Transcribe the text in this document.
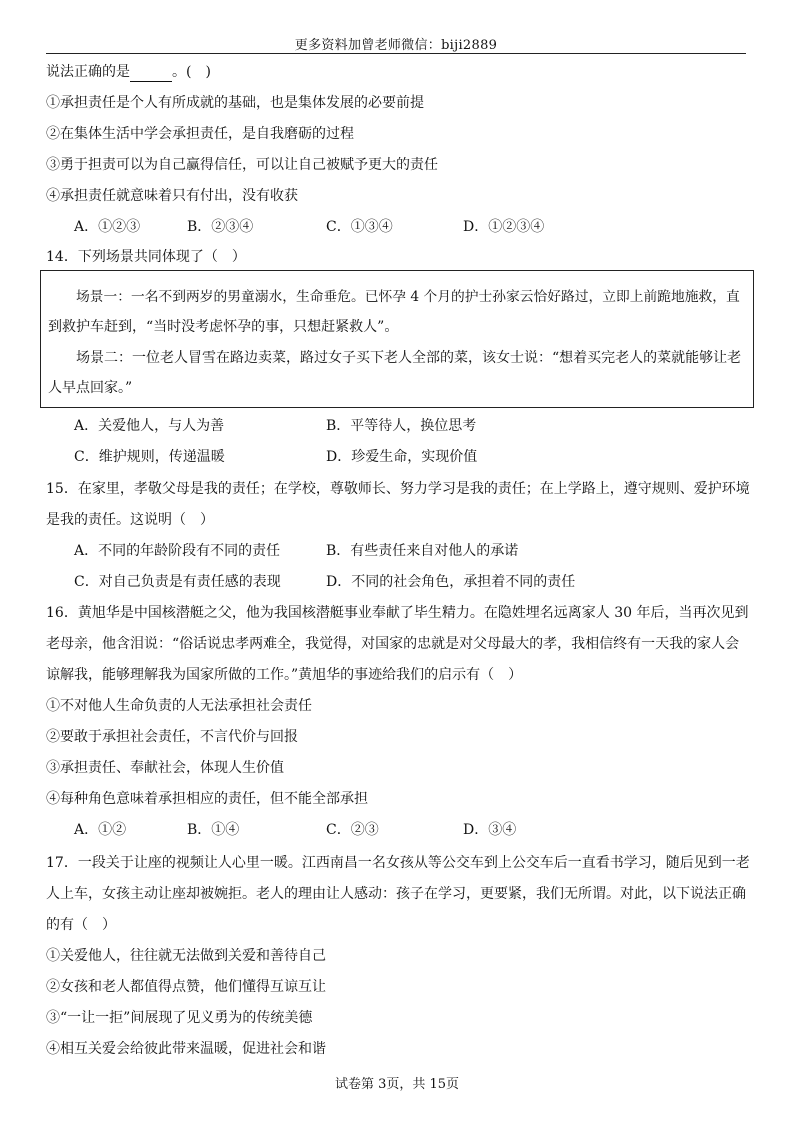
更多资料加曾老师微信：biji2889
说法正确的是	。(　)
①承担责任是个人有所成就的基础，也是集体发展的必要前提
②在集体生活中学会承担责任，是自我磨砺的过程
③勇于担责可以为自己赢得信任，可以让自己被赋予更大的责任
④承担责任就意味着只有付出，没有收获
A．①②③	B．②③④	C．①③④	D．①②③④
14．下列场景共同体现了（　）
场景一：一名不到两岁的男童溺水，生命垂危。已怀孕 4 个月的护士孙家云恰好路过，立即上前跪地施救，直
到救护车赶到，“当时没考虑怀孕的事，只想赶紧救人”。
场景二：一位老人冒雪在路边卖菜，路过女子买下老人全部的菜，该女士说：“想着买完老人的菜就能够让老
人早点回家。”
A．关爱他人，与人为善	B．平等待人，换位思考
C．维护规则，传递温暖	D．珍爱生命，实现价值
15．在家里，孝敬父母是我的责任；在学校，尊敬师长、努力学习是我的责任；在上学路上，遵守规则、爱护环境
是我的责任。这说明（　）
A．不同的年龄阶段有不同的责任	B．有些责任来自对他人的承诺
C．对自己负责是有责任感的表现	D．不同的社会角色，承担着不同的责任
16．黄旭华是中国核潜艇之父，他为我国核潜艇事业奉献了毕生精力。在隐姓埋名远离家人 30 年后，当再次见到
老母亲，他含泪说：“俗话说忠孝两难全，我觉得，对国家的忠就是对父母最大的孝，我相信终有一天我的家人会
谅解我，能够理解我为国家所做的工作。”黄旭华的事迹给我们的启示有（　）
①不对他人生命负责的人无法承担社会责任
②要敢于承担社会责任，不言代价与回报
③承担责任、奉献社会，体现人生价值
④每种角色意味着承担相应的责任，但不能全部承担
A．①②	B．①④	C．②③	D．③④
17．一段关于让座的视频让人心里一暖。江西南昌一名女孩从等公交车到上公交车后一直看书学习，随后见到一老
人上车，女孩主动让座却被婉拒。老人的理由让人感动：孩子在学习，更要紧，我们无所谓。对此，以下说法正确
的有（　）
①关爱他人，往往就无法做到关爱和善待自己
②女孩和老人都值得点赞，他们懂得互谅互让
③“一让一拒”间展现了见义勇为的传统美德
④相互关爱会给彼此带来温暖，促进社会和谐
试卷第 3页，共 15页
